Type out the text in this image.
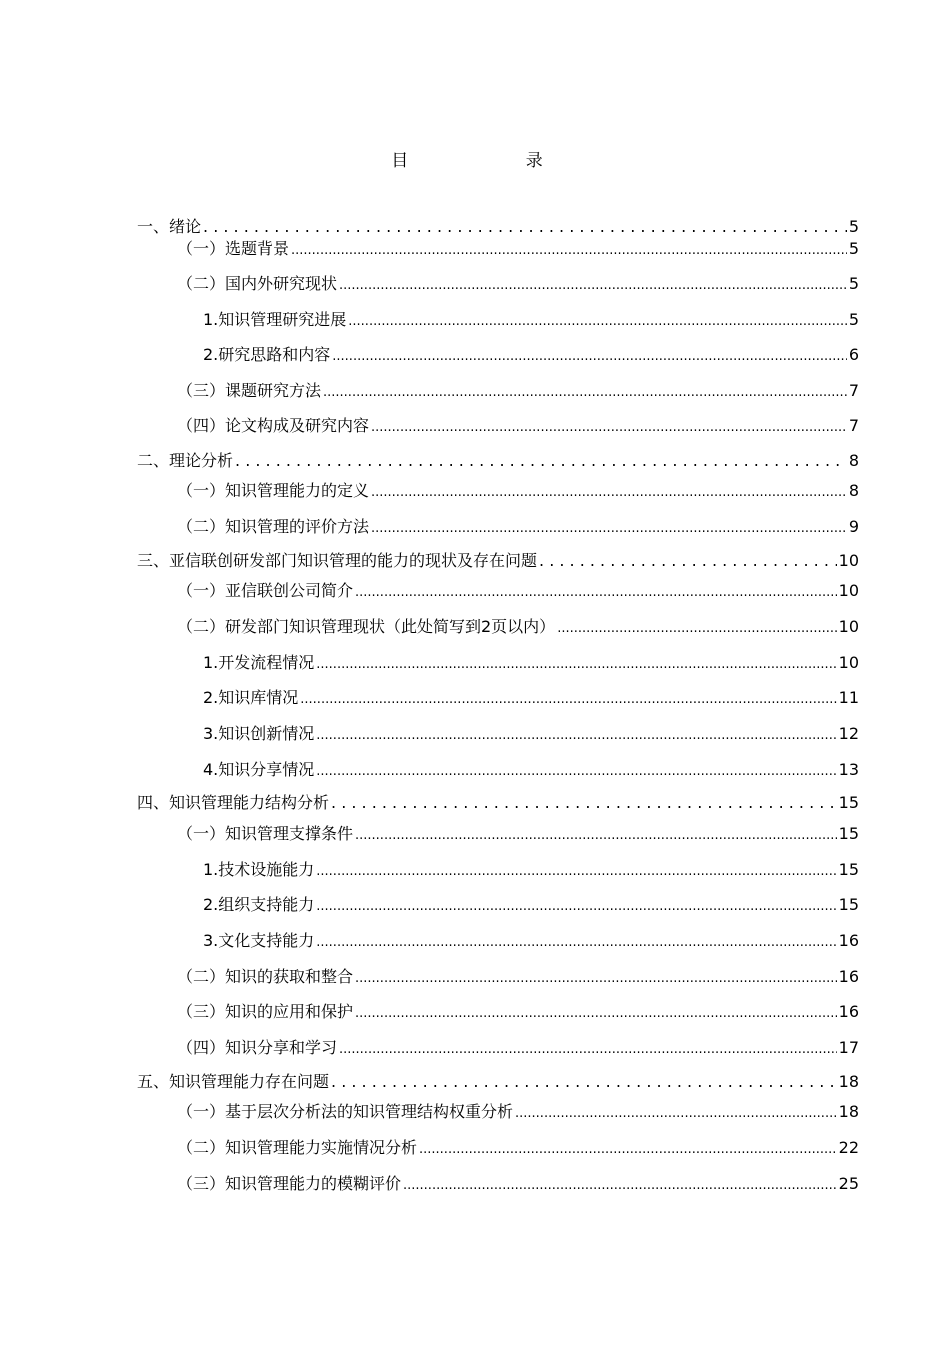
目 录
一、绪论 . . .	5
（一）选题背景 .....	5
（二）国内外研究现状 .....	5
1.知识管理研究进展 .....	5
2.研究思路和内容 .....	6
（三）课题研究方法 .....	7
（四）论文构成及研究内容 .....	7
二、理论分析 . . .	8
（一）知识管理能力的定义 .....	8
（二）知识管理的评价方法 .....	9
三、亚信联创研发部门知识管理的能力的现状及存在问题 . . .	10
（一）亚信联创公司简介 .....	10
（二）研发部门知识管理现状（此处简写到2页以内） .....	10
1.开发流程情况 .....	10
2.知识库情况 .....	11
3.知识创新情况 .....	12
4.知识分享情况 .....	13
四、知识管理能力结构分析 . . .	15
（一）知识管理支撑条件 .....	15
1.技术设施能力 .....	15
2.组织支持能力 .....	15
3.文化支持能力 .....	16
（二）知识的获取和整合 .....	16
（三）知识的应用和保护 .....	16
（四）知识分享和学习 .....	17
五、知识管理能力存在问题 . . .	18
（一）基于层次分析法的知识管理结构权重分析 .....	18
（二）知识管理能力实施情况分析 .....	22
（三）知识管理能力的模糊评价 .....	25
